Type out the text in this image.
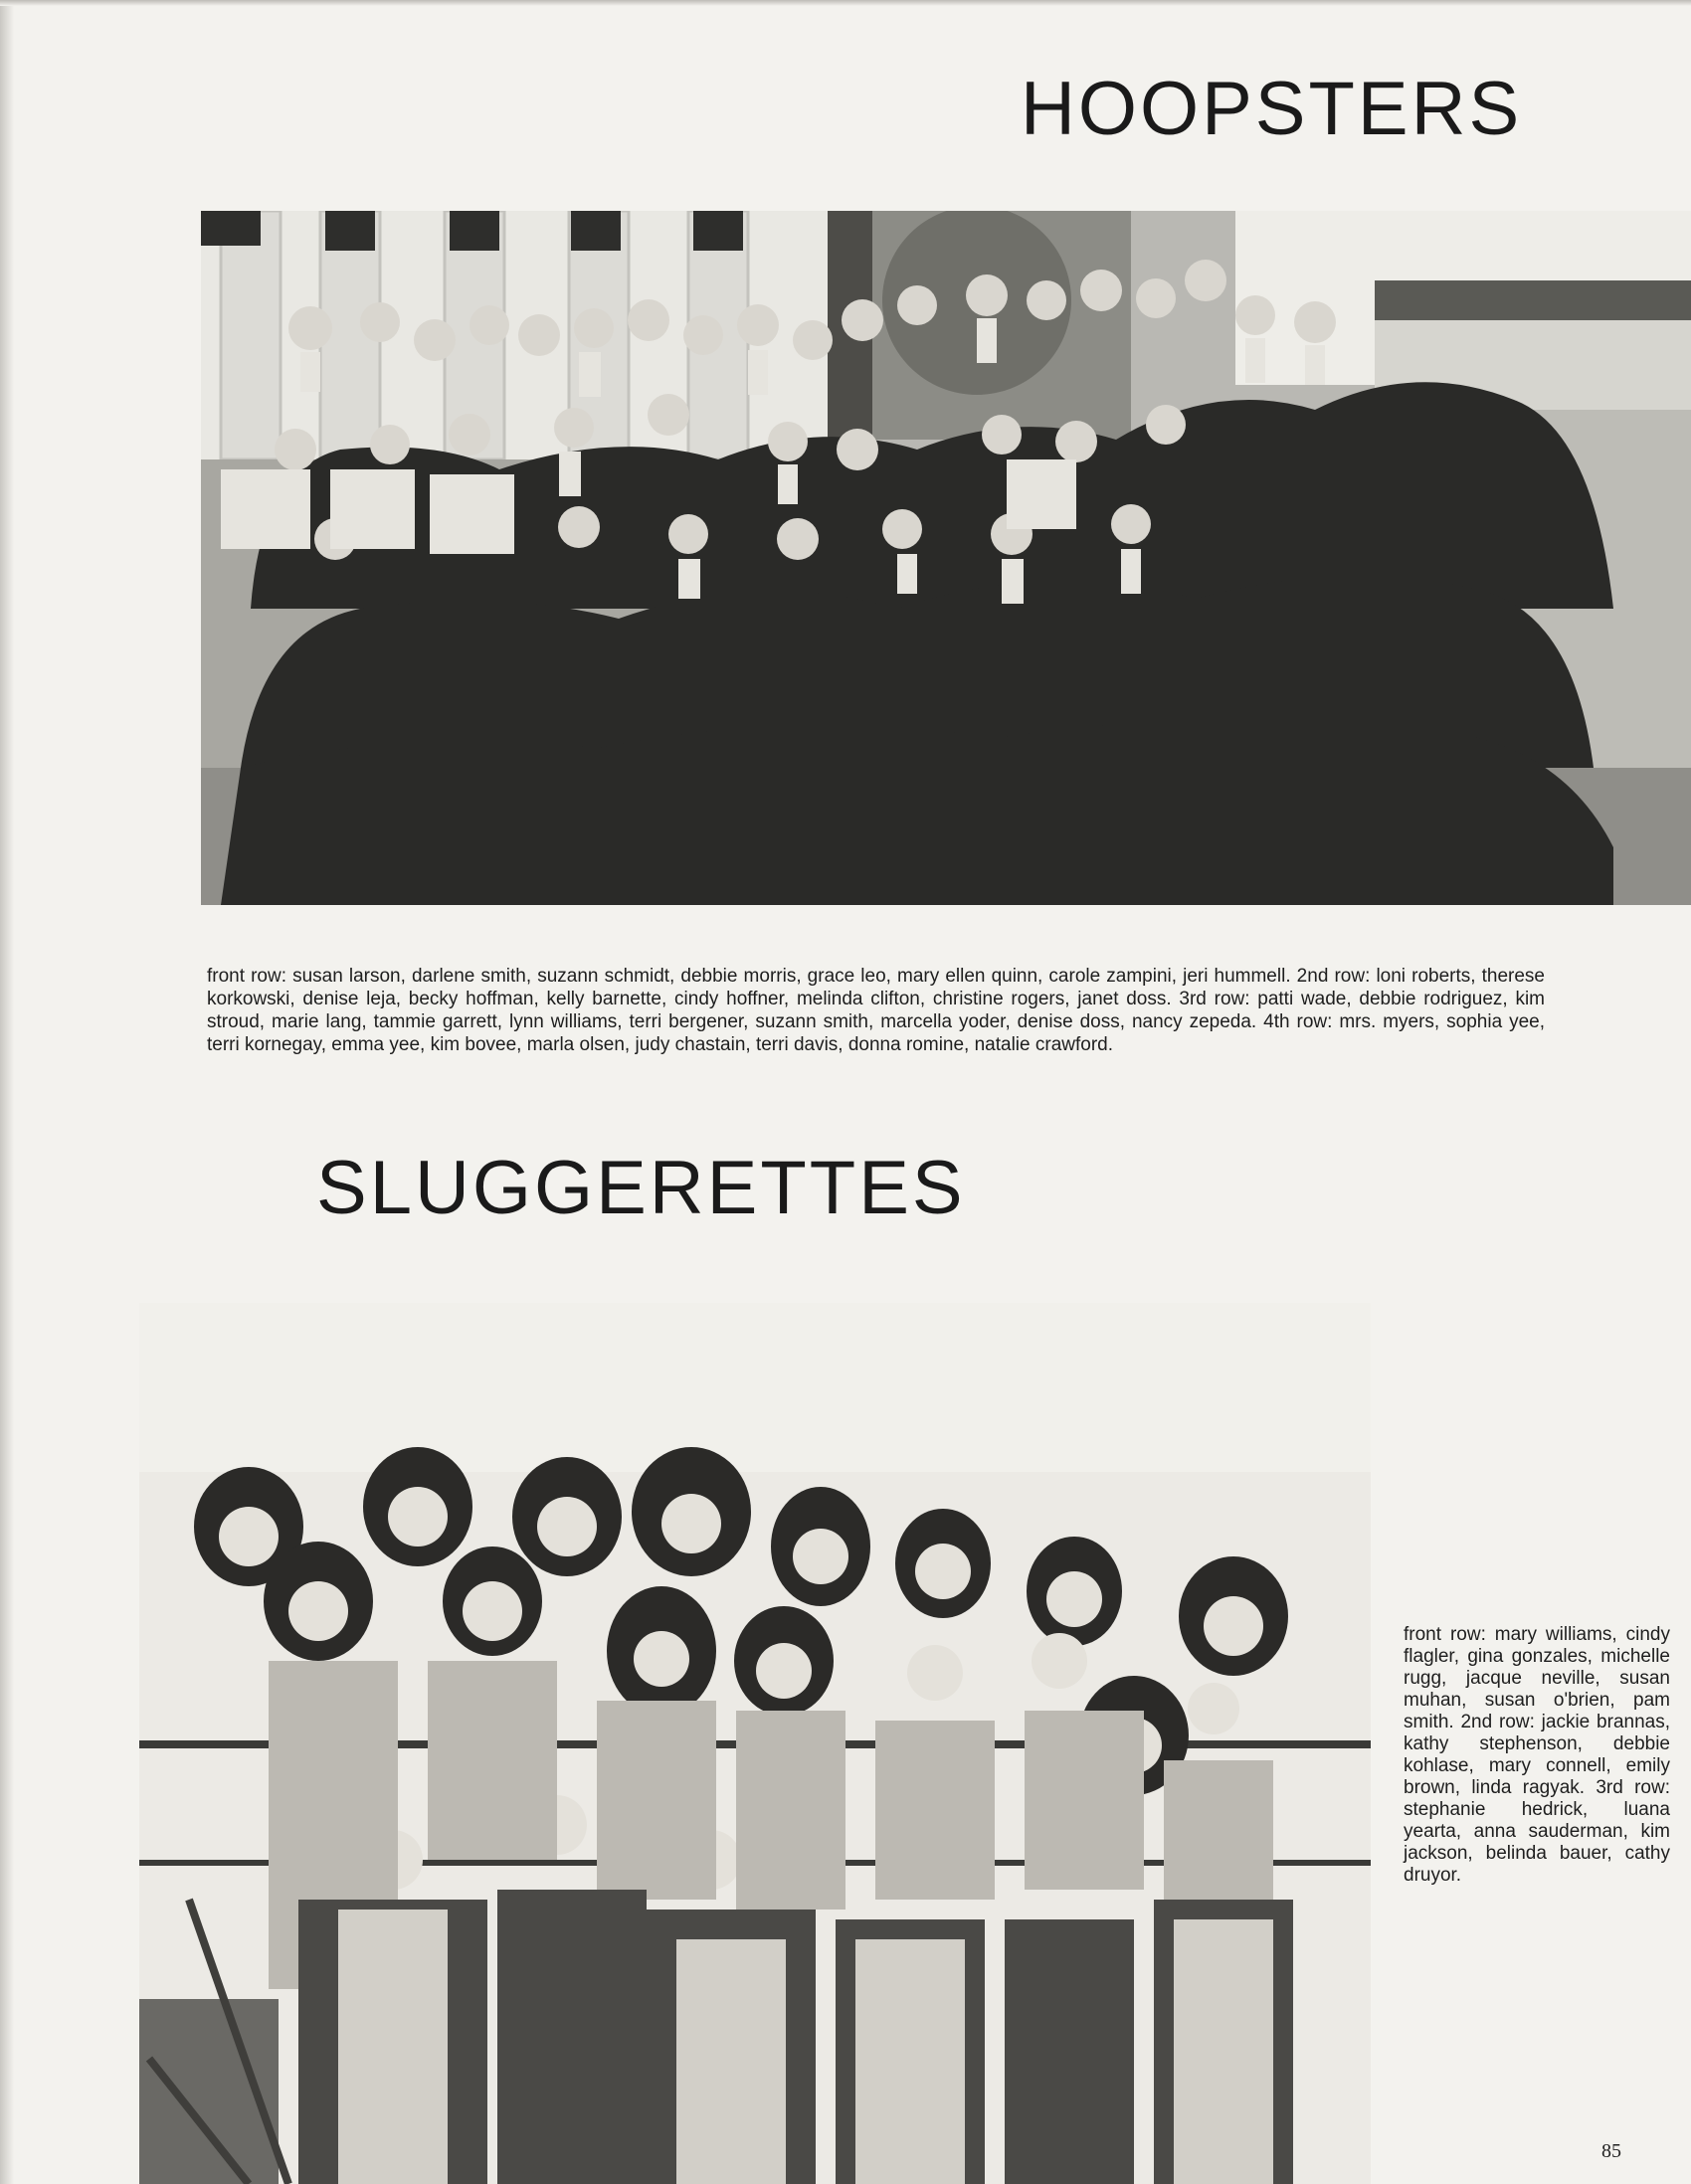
HOOPSTERS

front row: susan larson, darlene smith, suzann schmidt, debbie morris, grace leo, mary ellen quinn, carole zampini, jeri hummell. 2nd row: loni roberts, therese korkowski, denise leja, becky hoffman, kelly barnette, cindy hoffner, melinda clifton, christine rogers, janet doss. 3rd row: patti wade, debbie rodriguez, kim stroud, marie lang, tammie garrett, lynn williams, terri bergener, suzann smith, marcella yoder, denise doss, nancy zepeda. 4th row: mrs. myers, sophia yee, terri kornegay, emma yee, kim bovee, marla olsen, judy chastain, terri davis, donna romine, natalie crawford.

SLUGGERETTES

front row: mary williams, cindy flagler, gina gonzales, michelle rugg, jacque neville, susan muhan, susan o'brien, pam smith. 2nd row: jackie brannas, kathy stephenson, debbie kohlase, mary connell, emily brown, linda ragyak. 3rd row: stephanie hedrick, luana yearta, anna sauderman, kim jackson, belinda bauer, cathy druyor.

85
